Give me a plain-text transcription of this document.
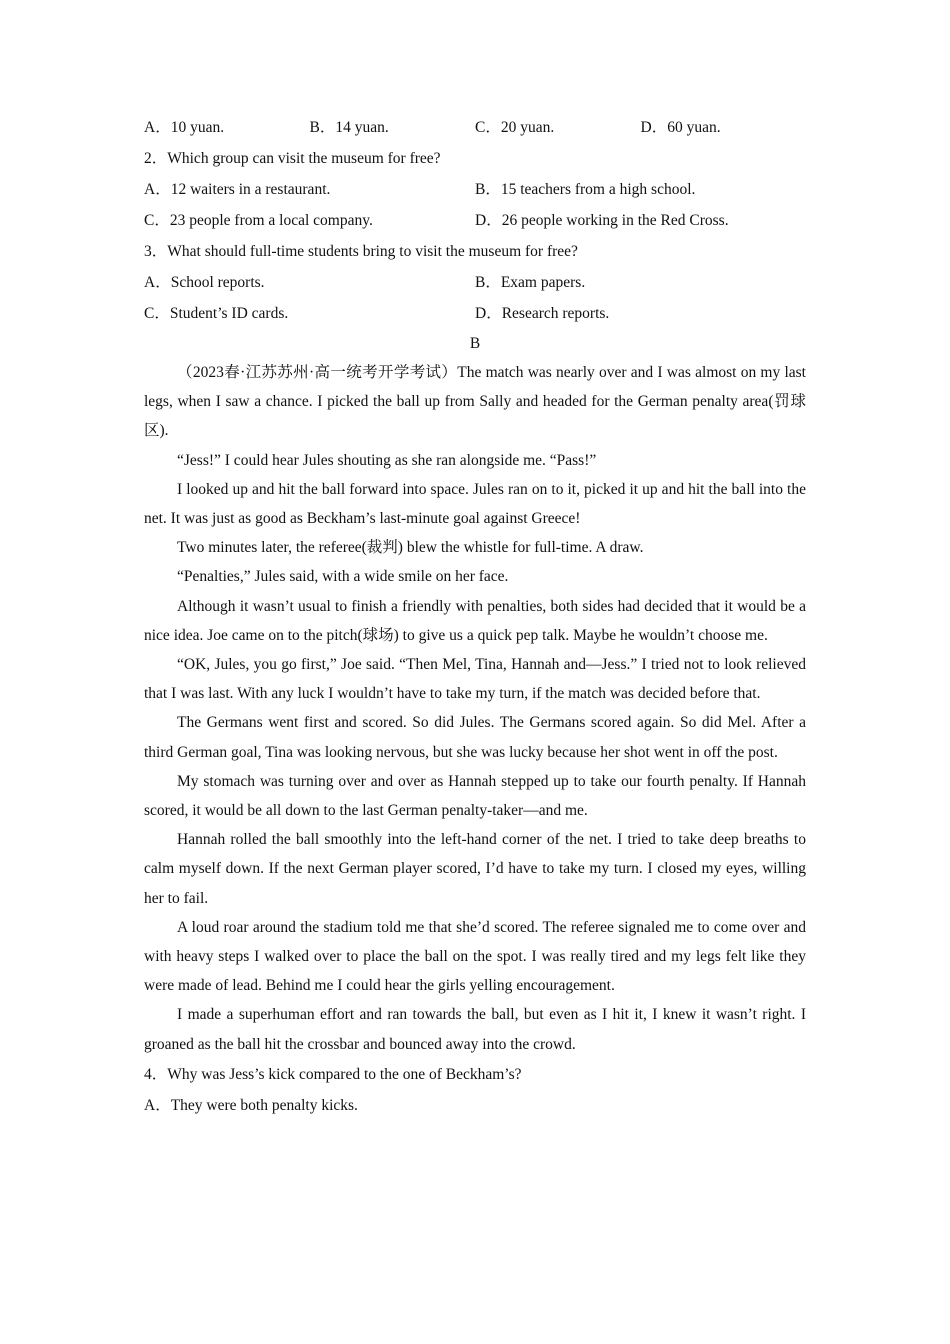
A．10 yuan.	B．14 yuan.	C．20 yuan.	D．60 yuan.
2．Which group can visit the museum for free?
A．12 waiters in a restaurant.	B．15 teachers from a high school.
C．23 people from a local company.	D．26 people working in the Red Cross.
3．What should full-time students bring to visit the museum for free?
A．School reports.	B．Exam papers.
C．Student’s ID cards.	D．Research reports.
B

（2023春·江苏苏州·高一统考开学考试）The match was nearly over and I was almost on my last legs, when I saw a chance. I picked the ball up from Sally and headed for the German penalty area(罚球区).

“Jess!” I could hear Jules shouting as she ran alongside me. “Pass!”

I looked up and hit the ball forward into space. Jules ran on to it, picked it up and hit the ball into the net. It was just as good as Beckham’s last-minute goal against Greece!

Two minutes later, the referee(裁判) blew the whistle for full-time. A draw.

“Penalties,” Jules said, with a wide smile on her face.

Although it wasn’t usual to finish a friendly with penalties, both sides had decided that it would be a nice idea. Joe came on to the pitch(球场) to give us a quick pep talk. Maybe he wouldn’t choose me.

“OK, Jules, you go first,” Joe said. “Then Mel, Tina, Hannah and—Jess.” I tried not to look relieved that I was last. With any luck I wouldn’t have to take my turn, if the match was decided before that.

The Germans went first and scored. So did Jules. The Germans scored again. So did Mel. After a third German goal, Tina was looking nervous, but she was lucky because her shot went in off the post.

My stomach was turning over and over as Hannah stepped up to take our fourth penalty. If Hannah scored, it would be all down to the last German penalty-taker—and me.

Hannah rolled the ball smoothly into the left-hand corner of the net. I tried to take deep breaths to calm myself down. If the next German player scored, I’d have to take my turn. I closed my eyes, willing her to fail.

A loud roar around the stadium told me that she’d scored. The referee signaled me to come over and with heavy steps I walked over to place the ball on the spot. I was really tired and my legs felt like they were made of lead. Behind me I could hear the girls yelling encouragement.

I made a superhuman effort and ran towards the ball, but even as I hit it, I knew it wasn’t right. I groaned as the ball hit the crossbar and bounced away into the crowd.

4．Why was Jess’s kick compared to the one of Beckham’s?
A．They were both penalty kicks.
